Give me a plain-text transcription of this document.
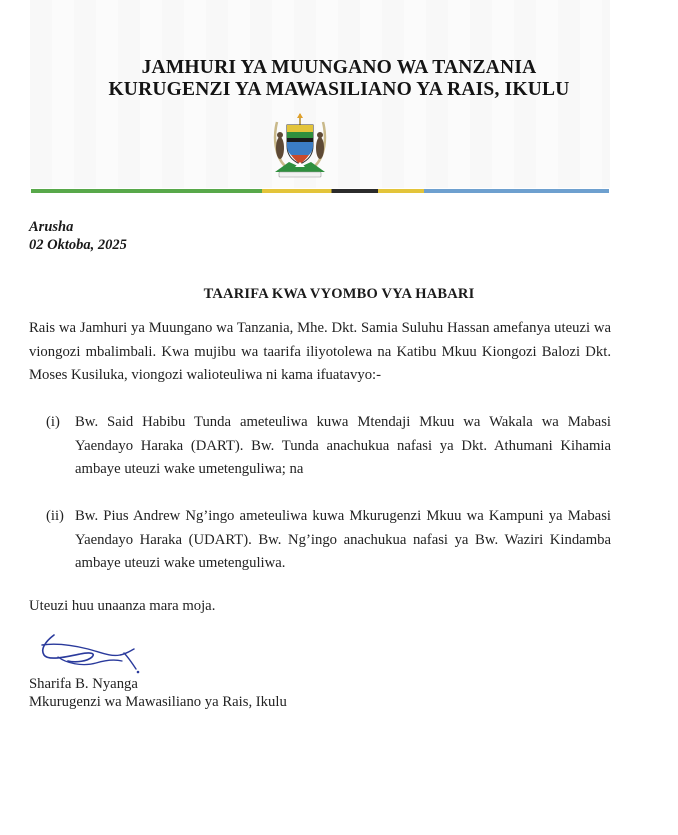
JAMHURI YA MUUNGANO WA TANZANIA
KURUGENZI YA MAWASILIANO YA RAIS, IKULU
Arusha
02 Oktoba, 2025
TAARIFA KWA VYOMBO VYA HABARI
Rais wa Jamhuri ya Muungano wa Tanzania, Mhe. Dkt. Samia Suluhu Hassan amefanya uteuzi wa viongozi mbalimbali. Kwa mujibu wa taarifa iliyotolewa na Katibu Mkuu Kiongozi Balozi Dkt. Moses Kusiluka, viongozi walioteuliwa ni kama ifuatavyo:-
(i) Bw. Said Habibu Tunda ameteuliwa kuwa Mtendaji Mkuu wa Wakala wa Mabasi Yaendayo Haraka (DART). Bw. Tunda anachukua nafasi ya Dkt. Athumani Kihamia ambaye uteuzi wake umetenguliwa; na
(ii) Bw. Pius Andrew Ng’ingo ameteuliwa kuwa Mkurugenzi Mkuu wa Kampuni ya Mabasi Yaendayo Haraka (UDART). Bw. Ng’ingo anachukua nafasi ya Bw. Waziri Kindamba ambaye uteuzi wake umetenguliwa.
Uteuzi huu unaanza mara moja.
Sharifa B. Nyanga
Mkurugenzi wa Mawasiliano ya Rais, Ikulu
